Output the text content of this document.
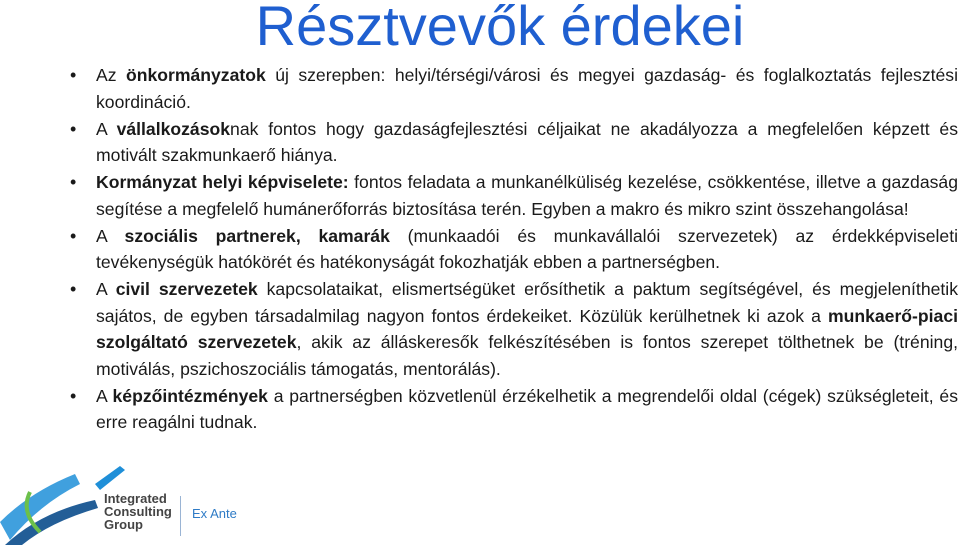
Résztvevők érdekei
• Az önkormányzatok új szerepben: helyi/térségi/városi és megyei gazdaság- és foglalkoztatás fejlesztési koordináció.
• A vállalkozásoknak fontos hogy gazdaságfejlesztési céljaikat ne akadályozza a megfelelően képzett és motivált szakmunkaerő hiánya.
• Kormányzat helyi képviselete: fontos feladata a munkanélküliség kezelése, csökkentése, illetve a gazdaság segítése a megfelelő humánerőforrás biztosítása terén. Egyben a makro és mikro szint összehangolása!
• A szociális partnerek, kamarák (munkaadói és munkavállalói szervezetek) az érdekképviseleti tevékenységük hatókörét és hatékonyságát fokozhatják ebben a partnerségben.
• A civil szervezetek kapcsolataikat, elismertségüket erősíthetik a paktum segítségével, és megjeleníthetik sajátos, de egyben társadalmilag nagyon fontos érdekeiket. Közülük kerülhetnek ki azok a munkaerő-piaci szolgáltató szervezetek, akik az álláskeresők felkészítésében is fontos szerepet tölthetnek be (tréning, motiválás, pszichoszociális támogatás, mentorálás).
• A képzőintézmények a partnerségben közvetlenül érzékelhetik a megrendelői oldal (cégek) szükségleteit, és erre reagálni tudnak.
Integrated
Consulting
Group
Ex Ante
